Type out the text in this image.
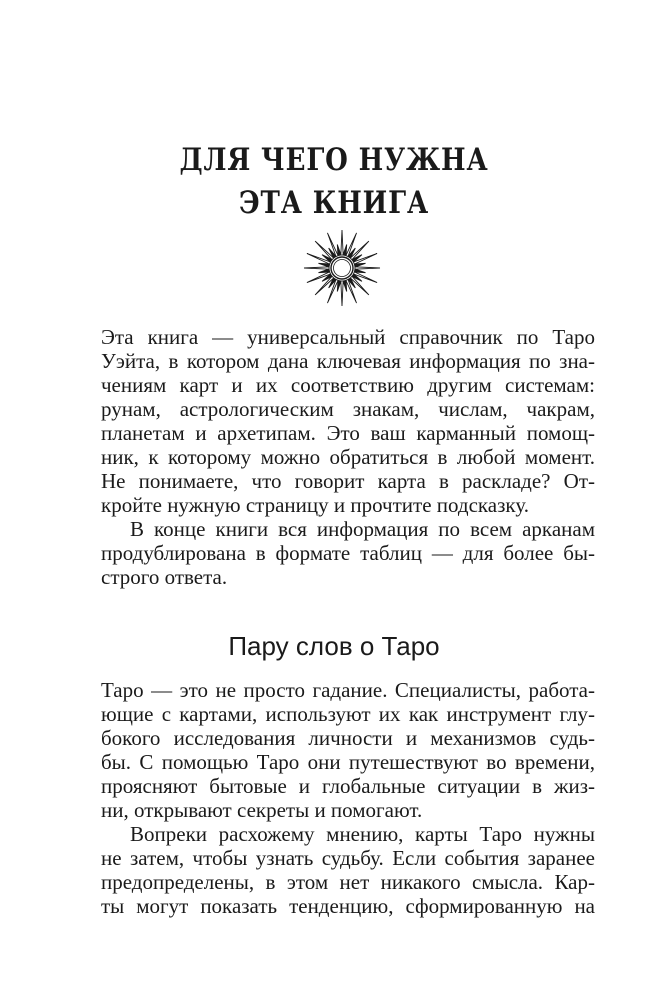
ДЛЯ ЧЕГО НУЖНА
ЭТА КНИГА
Эта книга — универсальный справочник по Таро
Уэйта, в котором дана ключевая информация по зна-
чениям карт и их соответствию другим системам:
рунам, астрологическим знакам, числам, чакрам,
планетам и архетипам. Это ваш карманный помощ-
ник, к которому можно обратиться в любой момент.
Не понимаете, что говорит карта в раскладе? От-
кройте нужную страницу и прочтите подсказку.
В конце книги вся информация по всем арканам
продублирована в формате таблиц — для более бы-
строго ответа.
Пару слов о Таро
Таро — это не просто гадание. Специалисты, работа-
ющие с картами, используют их как инструмент глу-
бокого исследования личности и механизмов судь-
бы. С помощью Таро они путешествуют во времени,
проясняют бытовые и глобальные ситуации в жиз-
ни, открывают секреты и помогают.
Вопреки расхожему мнению, карты Таро нужны
не затем, чтобы узнать судьбу. Если события заранее
предопределены, в этом нет никакого смысла. Кар-
ты могут показать тенденцию, сформированную на
